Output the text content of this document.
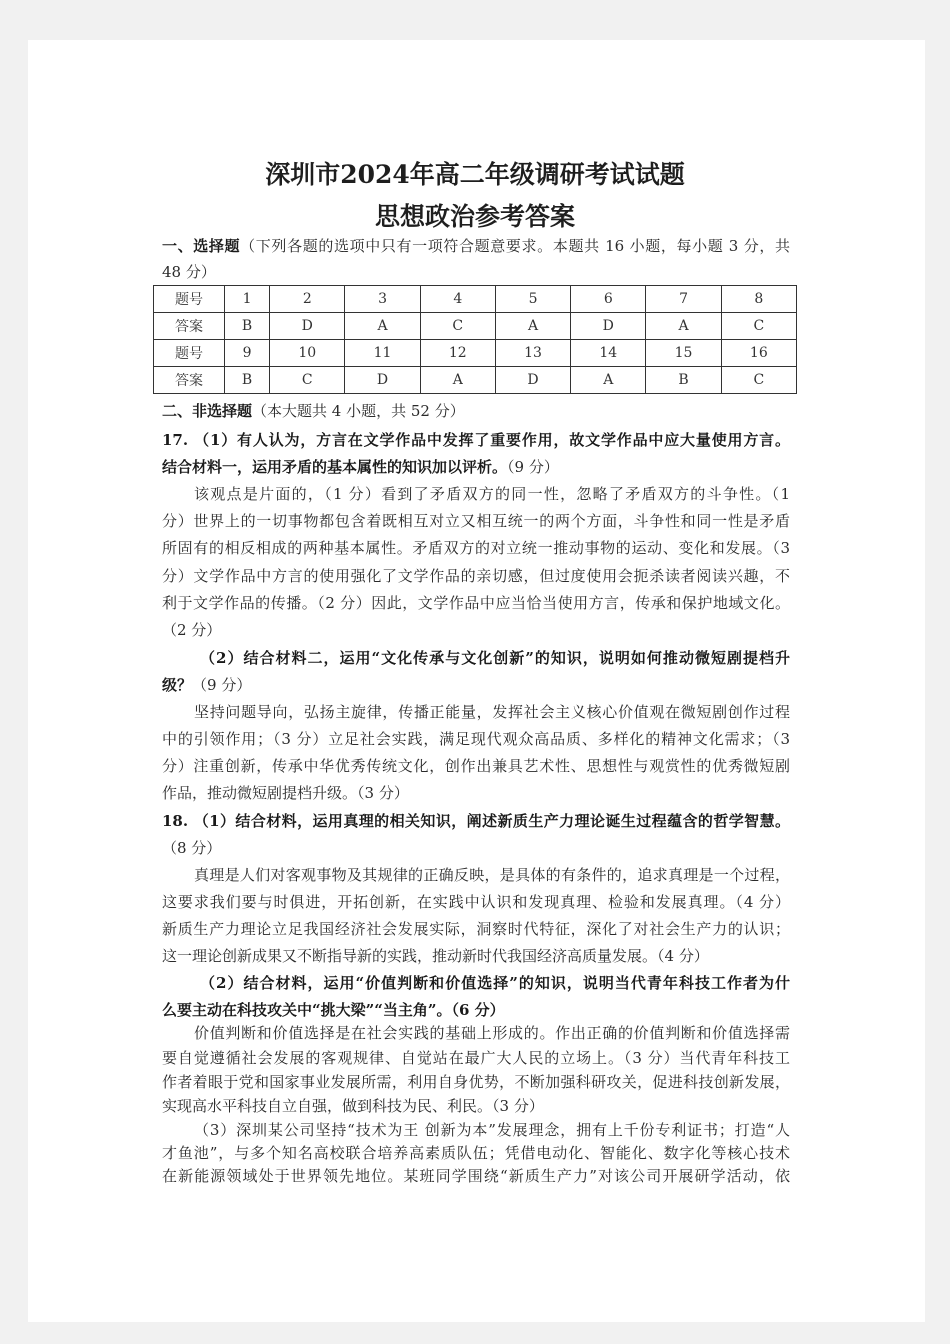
深圳市2024年高二年级调研考试试题
思想政治参考答案
一、选择题（下列各题的选项中只有一项符合题意要求。本题共 16 小题，每小题 3 分，共
48 分）
题号	1	2	3	4	5	6	7	8
答案	B	D	A	C	A	D	A	C
题号	9	10	11	12	13	14	15	16
答案	B	C	D	A	D	A	B	C
二、非选择题（本大题共 4 小题，共 52 分）
17. （1）有人认为，方言在文学作品中发挥了重要作用，故文学作品中应大量使用方言。
结合材料一，运用矛盾的基本属性的知识加以评析。（9 分）
该观点是片面的，（1 分）看到了矛盾双方的同一性，忽略了矛盾双方的斗争性。（1
分）世界上的一切事物都包含着既相互对立又相互统一的两个方面，斗争性和同一性是矛盾
所固有的相反相成的两种基本属性。矛盾双方的对立统一推动事物的运动、变化和发展。（3
分）文学作品中方言的使用强化了文学作品的亲切感，但过度使用会扼杀读者阅读兴趣，不
利于文学作品的传播。（2 分）因此，文学作品中应当恰当使用方言，传承和保护地域文化。
（2 分）
（2）结合材料二，运用“文化传承与文化创新”的知识，说明如何推动微短剧提档升
级？（9 分）
坚持问题导向，弘扬主旋律，传播正能量，发挥社会主义核心价值观在微短剧创作过程
中的引领作用；（3 分）立足社会实践，满足现代观众高品质、多样化的精神文化需求；（3
分）注重创新，传承中华优秀传统文化，创作出兼具艺术性、思想性与观赏性的优秀微短剧
作品，推动微短剧提档升级。（3 分）
18. （1）结合材料，运用真理的相关知识，阐述新质生产力理论诞生过程蕴含的哲学智慧。
（8 分）
真理是人们对客观事物及其规律的正确反映，是具体的有条件的，追求真理是一个过程，
这要求我们要与时俱进，开拓创新，在实践中认识和发现真理、检验和发展真理。（4 分）
新质生产力理论立足我国经济社会发展实际，洞察时代特征，深化了对社会生产力的认识；
这一理论创新成果又不断指导新的实践，推动新时代我国经济高质量发展。（4 分）
（2）结合材料，运用“价值判断和价值选择”的知识，说明当代青年科技工作者为什
么要主动在科技攻关中“挑大梁”“当主角”。（6 分）
价值判断和价值选择是在社会实践的基础上形成的。作出正确的价值判断和价值选择需
要自觉遵循社会发展的客观规律、自觉站在最广大人民的立场上。（3 分）当代青年科技工
作者着眼于党和国家事业发展所需，利用自身优势，不断加强科研攻关，促进科技创新发展，
实现高水平科技自立自强，做到科技为民、利民。（3 分）
（3）深圳某公司坚持“技术为王 创新为本”发展理念，拥有上千份专利证书；打造“人
才鱼池”，与多个知名高校联合培养高素质队伍；凭借电动化、智能化、数字化等核心技术
在新能源领域处于世界领先地位。某班同学围绕“新质生产力”对该公司开展研学活动，依
